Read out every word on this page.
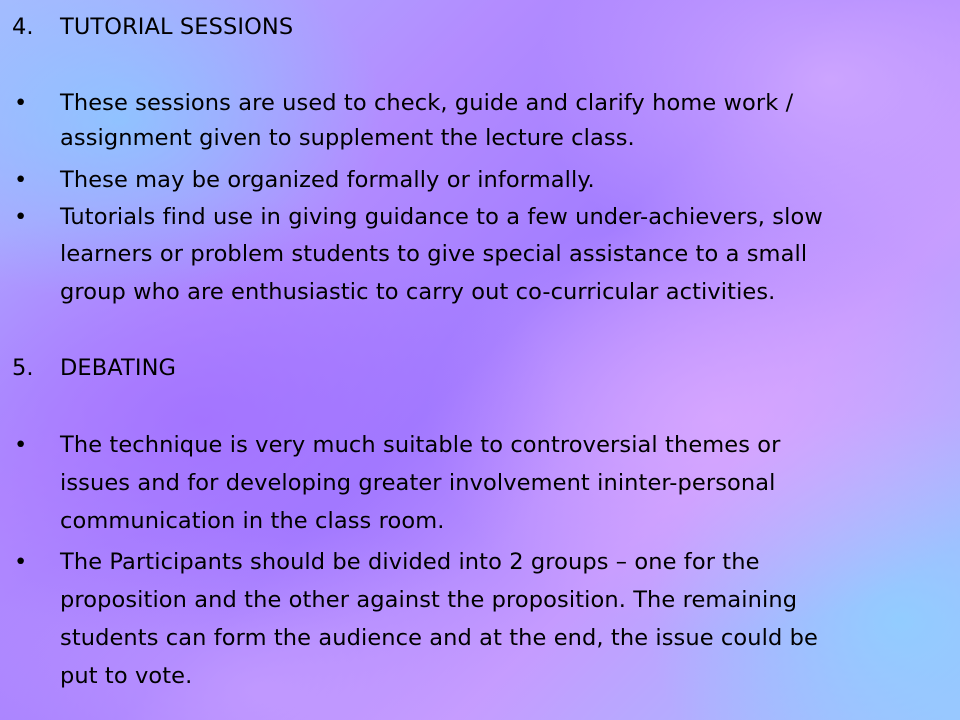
4. TUTORIAL SESSIONS
• These sessions are used to check, guide and clarify home work /
assignment given to supplement the lecture class.
• These may be organized formally or informally.
• Tutorials find use in giving guidance to a few under-achievers, slow
learners or problem students to give special assistance to a small
group who are enthusiastic to carry out co-curricular activities.
5. DEBATING
• The technique is very much suitable to controversial themes or
issues and for developing greater involvement ininter-personal
communication in the class room.
• The Participants should be divided into 2 groups – one for the
proposition and the other against the proposition. The remaining
students can form the audience and at the end, the issue could be
put to vote.
